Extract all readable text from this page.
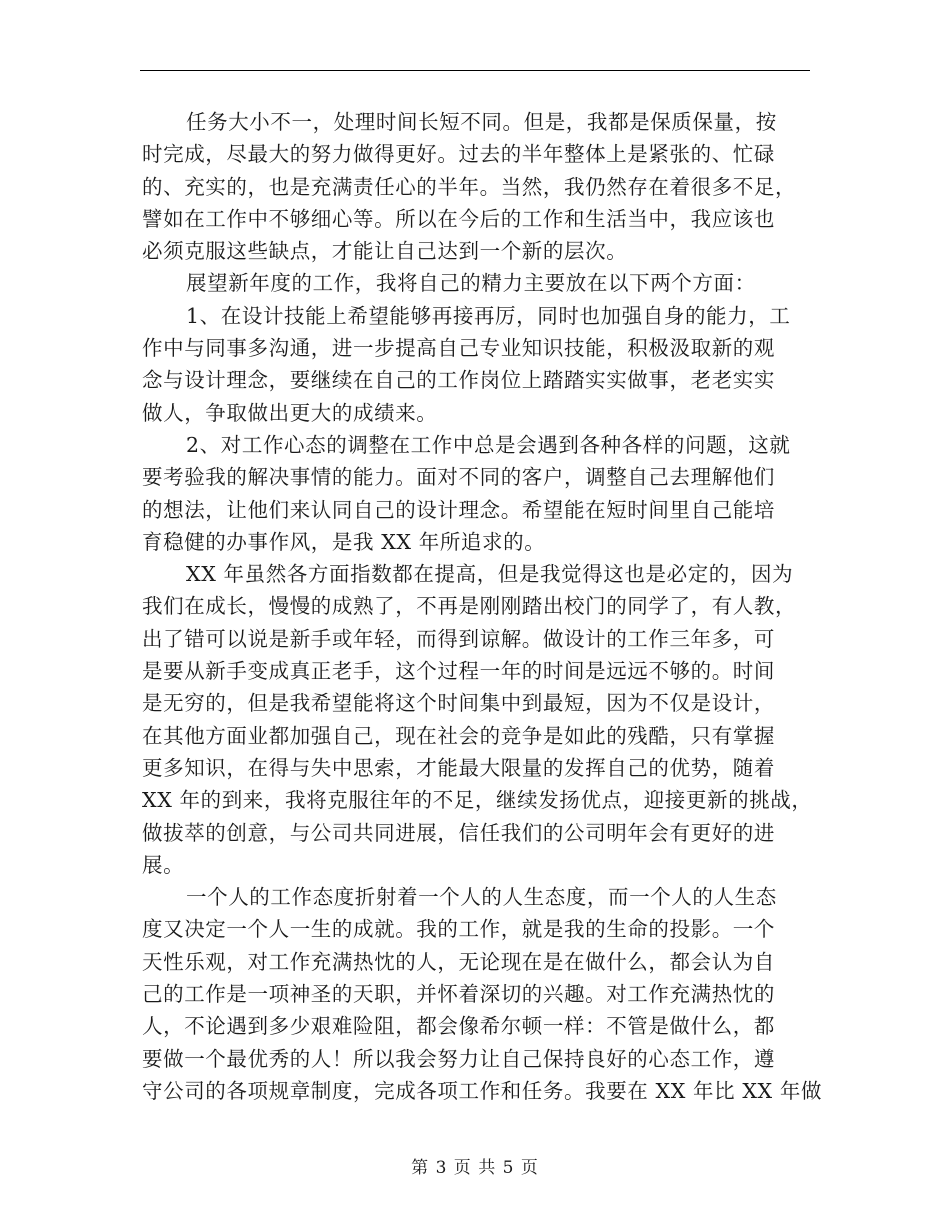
任务大小不一，处理时间长短不同。但是，我都是保质保量，按
时完成，尽最大的努力做得更好。过去的半年整体上是紧张的、忙碌
的、充实的，也是充满责任心的半年。当然，我仍然存在着很多不足，
譬如在工作中不够细心等。所以在今后的工作和生活当中，我应该也
必须克服这些缺点，才能让自己达到一个新的层次。
展望新年度的工作，我将自己的精力主要放在以下两个方面：
1、在设计技能上希望能够再接再厉，同时也加强自身的能力，工
作中与同事多沟通，进一步提高自己专业知识技能，积极汲取新的观
念与设计理念，要继续在自己的工作岗位上踏踏实实做事，老老实实
做人，争取做出更大的成绩来。
2、对工作心态的调整在工作中总是会遇到各种各样的问题，这就
要考验我的解决事情的能力。面对不同的客户，调整自己去理解他们
的想法，让他们来认同自己的设计理念。希望能在短时间里自己能培
育稳健的办事作风，是我 XX 年所追求的。
XX 年虽然各方面指数都在提高，但是我觉得这也是必定的，因为
我们在成长，慢慢的成熟了，不再是刚刚踏出校门的同学了，有人教，
出了错可以说是新手或年轻，而得到谅解。做设计的工作三年多，可
是要从新手变成真正老手，这个过程一年的时间是远远不够的。时间
是无穷的，但是我希望能将这个时间集中到最短，因为不仅是设计，
在其他方面业都加强自己，现在社会的竞争是如此的残酷，只有掌握
更多知识，在得与失中思索，才能最大限量的发挥自己的优势，随着
XX 年的到来，我将克服往年的不足，继续发扬优点，迎接更新的挑战，
做拔萃的创意，与公司共同进展，信任我们的公司明年会有更好的进
展。
一个人的工作态度折射着一个人的人生态度，而一个人的人生态
度又决定一个人一生的成就。我的工作，就是我的生命的投影。一个
天性乐观，对工作充满热忱的人，无论现在是在做什么，都会认为自
己的工作是一项神圣的天职，并怀着深切的兴趣。对工作充满热忱的
人，不论遇到多少艰难险阻，都会像希尔顿一样：不管是做什么，都
要做一个最优秀的人！所以我会努力让自己保持良好的心态工作，遵
守公司的各项规章制度，完成各项工作和任务。我要在 XX 年比 XX 年做
第 3 页 共 5 页
